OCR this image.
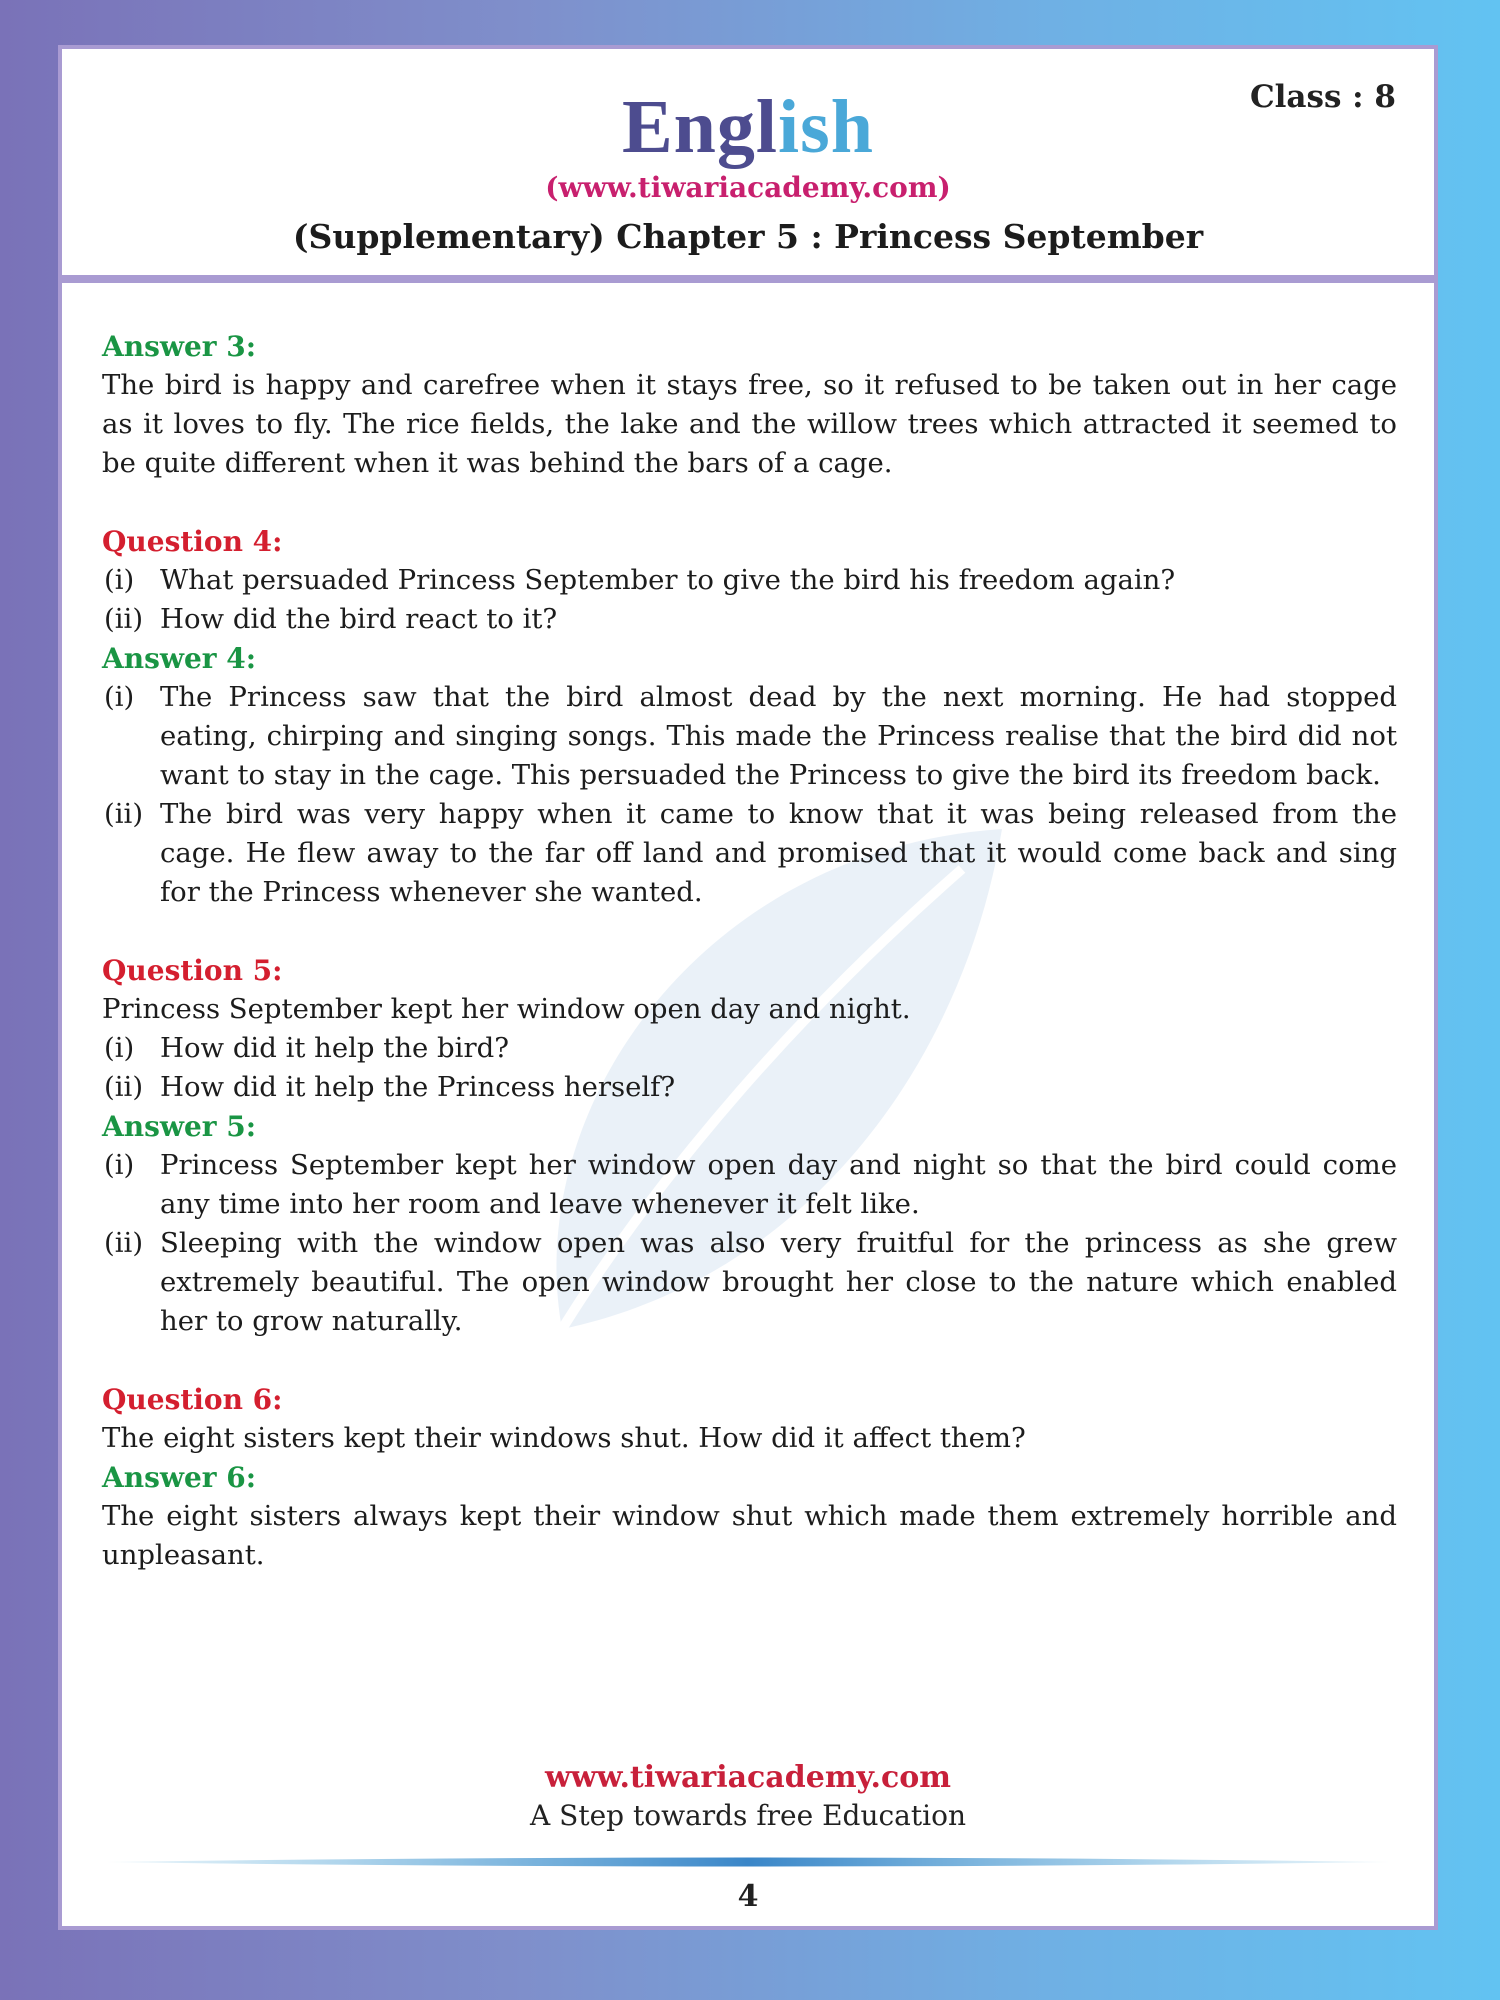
Class : 8
English
(www.tiwariacademy.com)
(Supplementary) Chapter 5 : Princess September
Answer 3:

The bird is happy and carefree when it stays free, so it refused to be taken out in her cage as it loves to fly. The rice fields, the lake and the willow trees which attracted it seemed to be quite different when it was behind the bars of a cage.

Question 4:
(i) What persuaded Princess September to give the bird his freedom again?
(ii) How did the bird react to it?
Answer 4:
(i) The Princess saw that the bird almost dead by the next morning. He had stopped eating, chirping and singing songs. This made the Princess realise that the bird did not want to stay in the cage. This persuaded the Princess to give the bird its freedom back.
(ii) The bird was very happy when it came to know that it was being released from the cage. He flew away to the far off land and promised that it would come back and sing for the Princess whenever she wanted.
Question 5:

Princess September kept her window open day and night.

(i) How did it help the bird?
(ii) How did it help the Princess herself?
Answer 5:
(i) Princess September kept her window open day and night so that the bird could come any time into her room and leave whenever it felt like.
(ii) Sleeping with the window open was also very fruitful for the princess as she grew extremely beautiful. The open window brought her close to the nature which enabled her to grow naturally.
Question 6:

The eight sisters kept their windows shut. How did it affect them?

Answer 6:

The eight sisters always kept their window shut which made them extremely horrible and unpleasant.

www.tiwariacademy.com
A Step towards free Education
4
